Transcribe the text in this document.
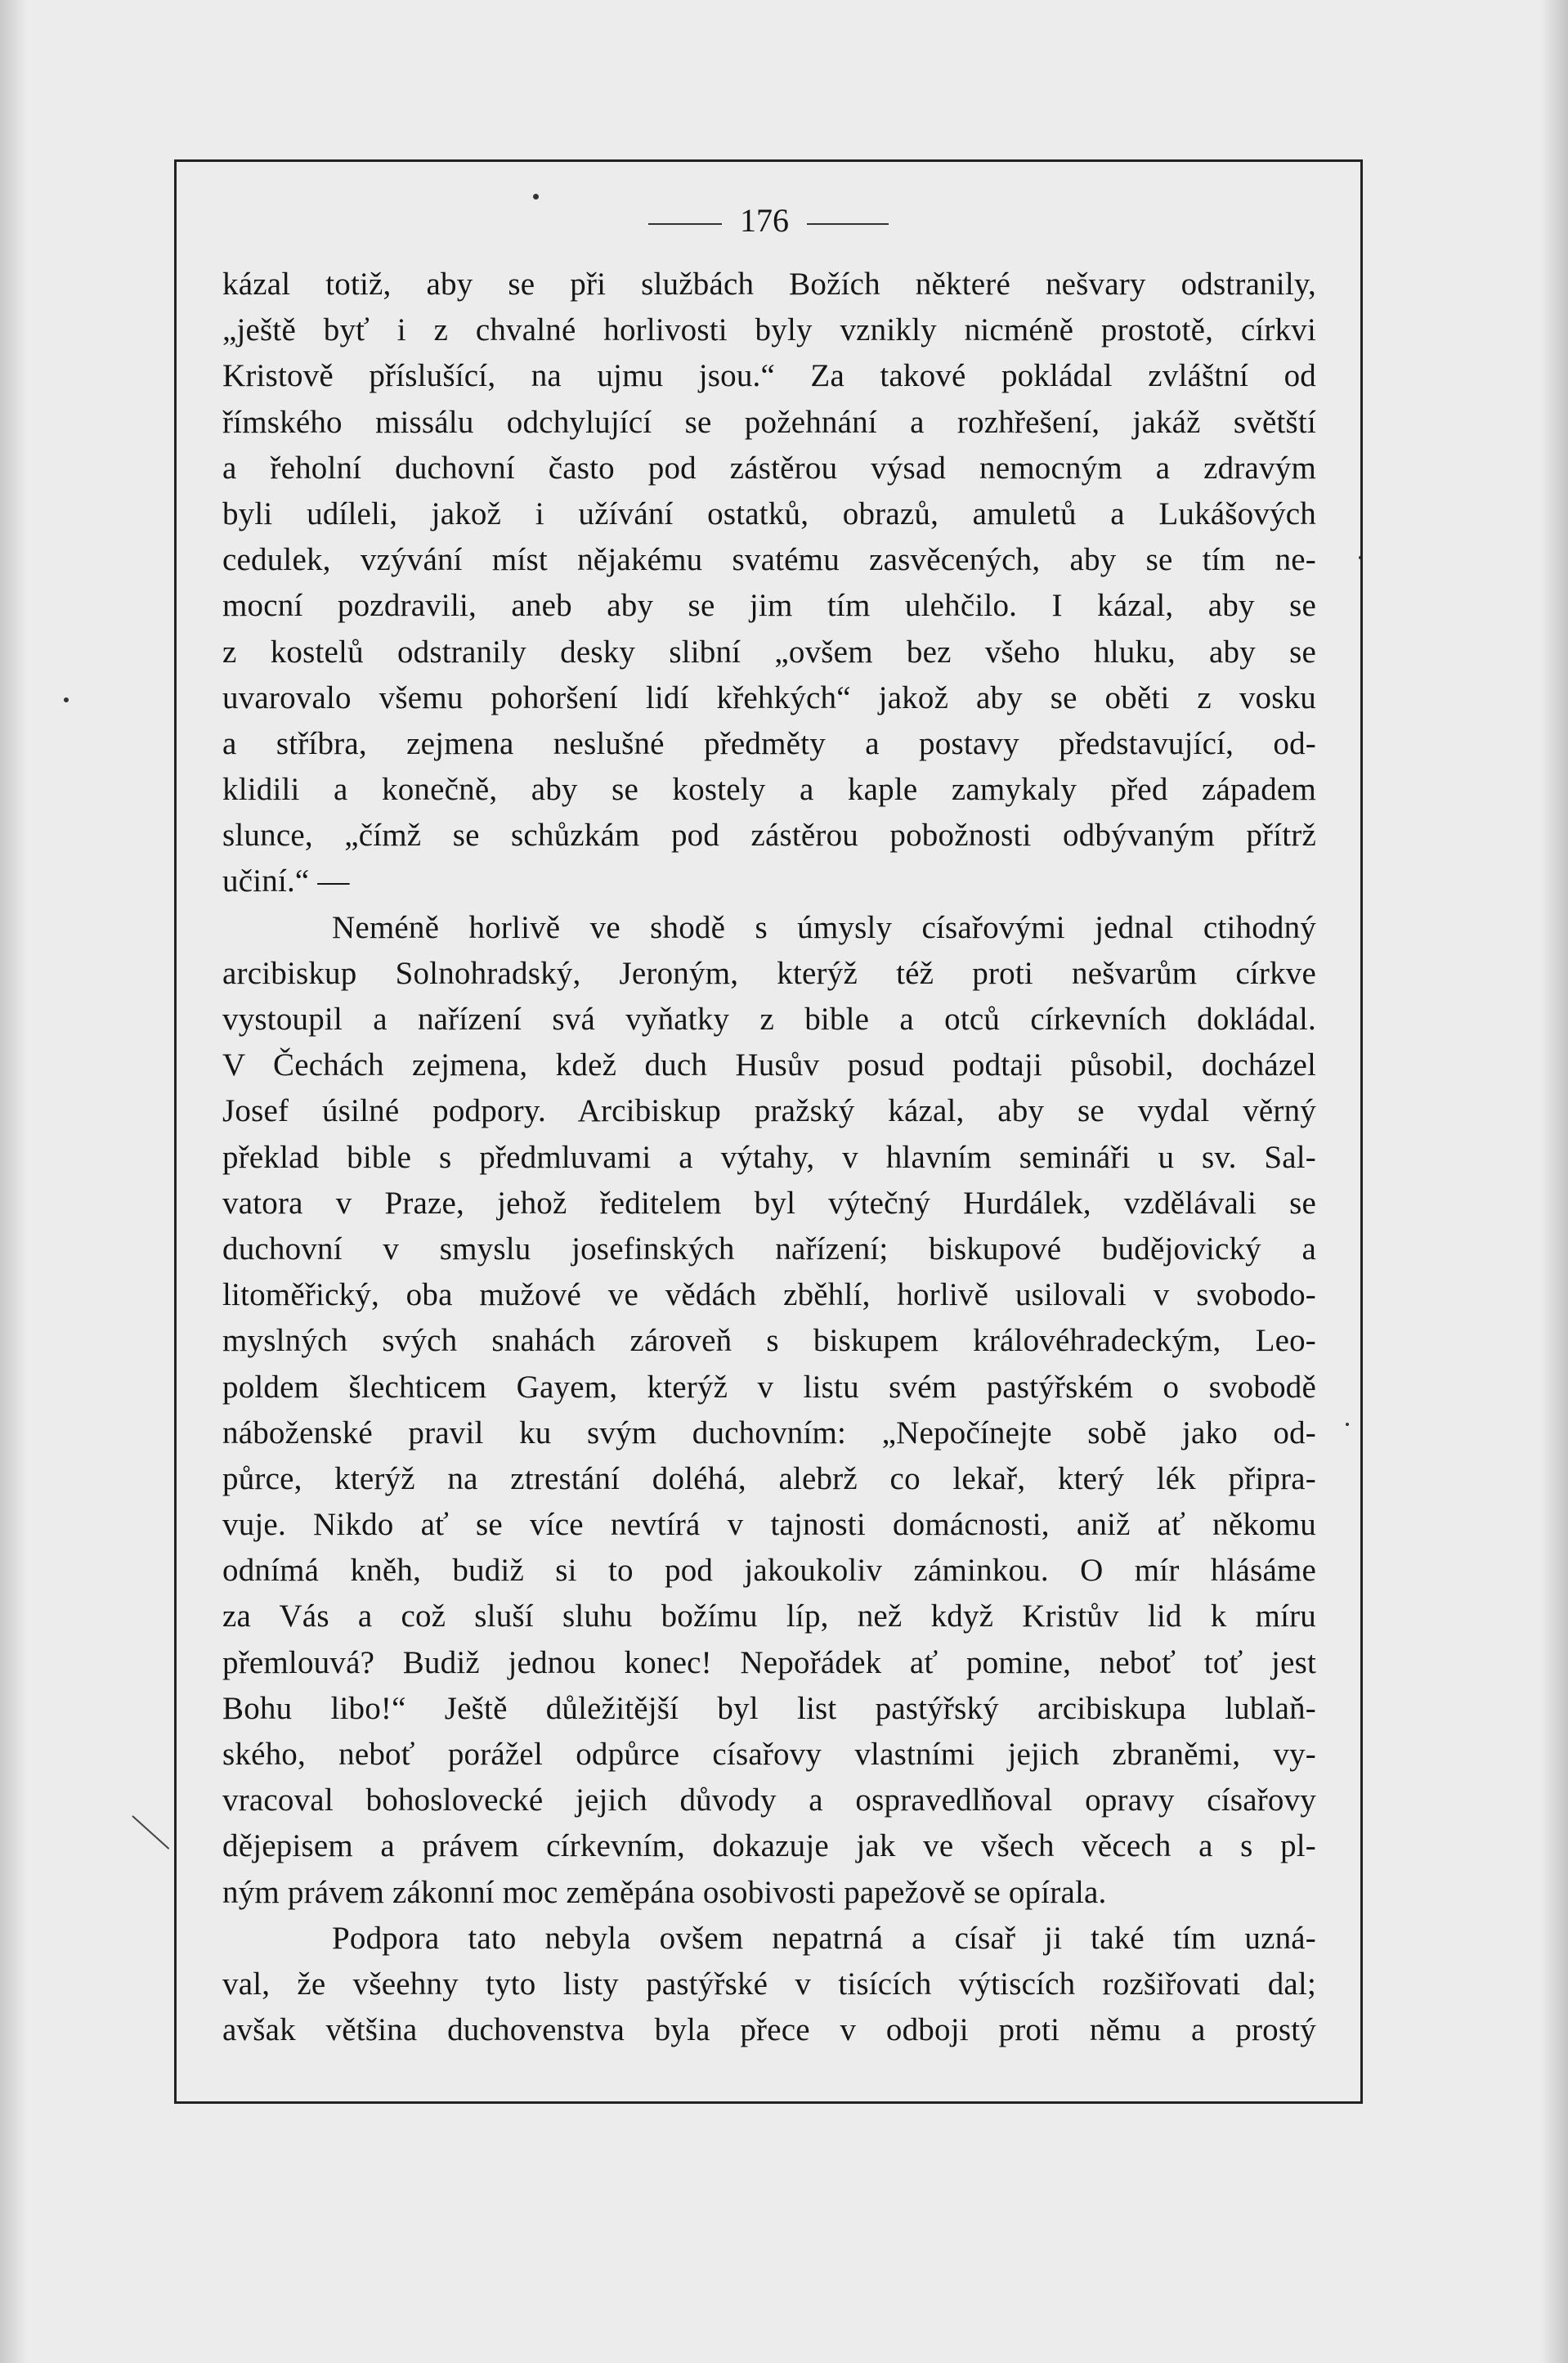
176
kázal totiž, aby se při službách Božích některé nešvary odstranily,
„ještě byť i z chvalné horlivosti byly vznikly nicméně prostotě, církvi
Kristově příslušící, na ujmu jsou.“ Za takové pokládal zvláštní od
římského missálu odchylující se požehnání a rozhřešení, jakáž světští
a řeholní duchovní často pod zástěrou výsad nemocným a zdravým
byli udíleli, jakož i užívání ostatků, obrazů, amuletů a Lukášových
cedulek, vzývání míst nějakému svatému zasvěcených, aby se tím ne-
mocní pozdravili, aneb aby se jim tím ulehčilo. I kázal, aby se
z kostelů odstranily desky slibní „ovšem bez všeho hluku, aby se
uvarovalo všemu pohoršení lidí křehkých“ jakož aby se oběti z vosku
a stříbra, zejmena neslušné předměty a postavy představující, od-
klidili a konečně, aby se kostely a kaple zamykaly před západem
slunce, „čímž se schůzkám pod zástěrou pobožnosti odbývaným přítrž
učiní.“ —
Neméně horlivě ve shodě s úmysly císařovými jednal ctihodný
arcibiskup Solnohradský, Jeroným, kterýž též proti nešvarům církve
vystoupil a nařízení svá vyňatky z bible a otců církevních dokládal.
V Čechách zejmena, kdež duch Husův posud podtaji působil, docházel
Josef úsilné podpory. Arcibiskup pražský kázal, aby se vydal věrný
překlad bible s předmluvami a výtahy, v hlavním semináři u sv. Sal-
vatora v Praze, jehož ředitelem byl výtečný Hurdálek, vzdělávali se
duchovní v smyslu josefinských nařízení; biskupové budějovický a
litoměřický, oba mužové ve vědách zběhlí, horlivě usilovali v svobodo-
myslných svých snahách zároveň s biskupem královéhradeckým, Leo-
poldem šlechticem Gayem, kterýž v listu svém pastýřském o svobodě
náboženské pravil ku svým duchovním: „Nepočínejte sobě jako od-
půrce, kterýž na ztrestání doléhá, alebrž co lekař, který lék připra-
vuje. Nikdo ať se více nevtírá v tajnosti domácnosti, aniž ať někomu
odnímá kněh, budiž si to pod jakoukoliv záminkou. O mír hlásáme
za Vás a což sluší sluhu božímu líp, než když Kristův lid k míru
přemlouvá? Budiž jednou konec! Nepořádek ať pomine, neboť toť jest
Bohu libo!“ Ještě důležitější byl list pastýřský arcibiskupa lublaň-
ského, neboť porážel odpůrce císařovy vlastními jejich zbraněmi, vy-
vracoval bohoslovecké jejich důvody a ospravedlňoval opravy císařovy
dějepisem a právem církevním, dokazuje jak ve všech věcech a s pl-
ným právem zákonní moc zeměpána osobivosti papežově se opírala.
Podpora tato nebyla ovšem nepatrná a císař ji také tím uzná-
val, že všeehny tyto listy pastýřské v tisících výtiscích rozšiřovati dal;
avšak většina duchovenstva byla přece v odboji proti němu a prostý
